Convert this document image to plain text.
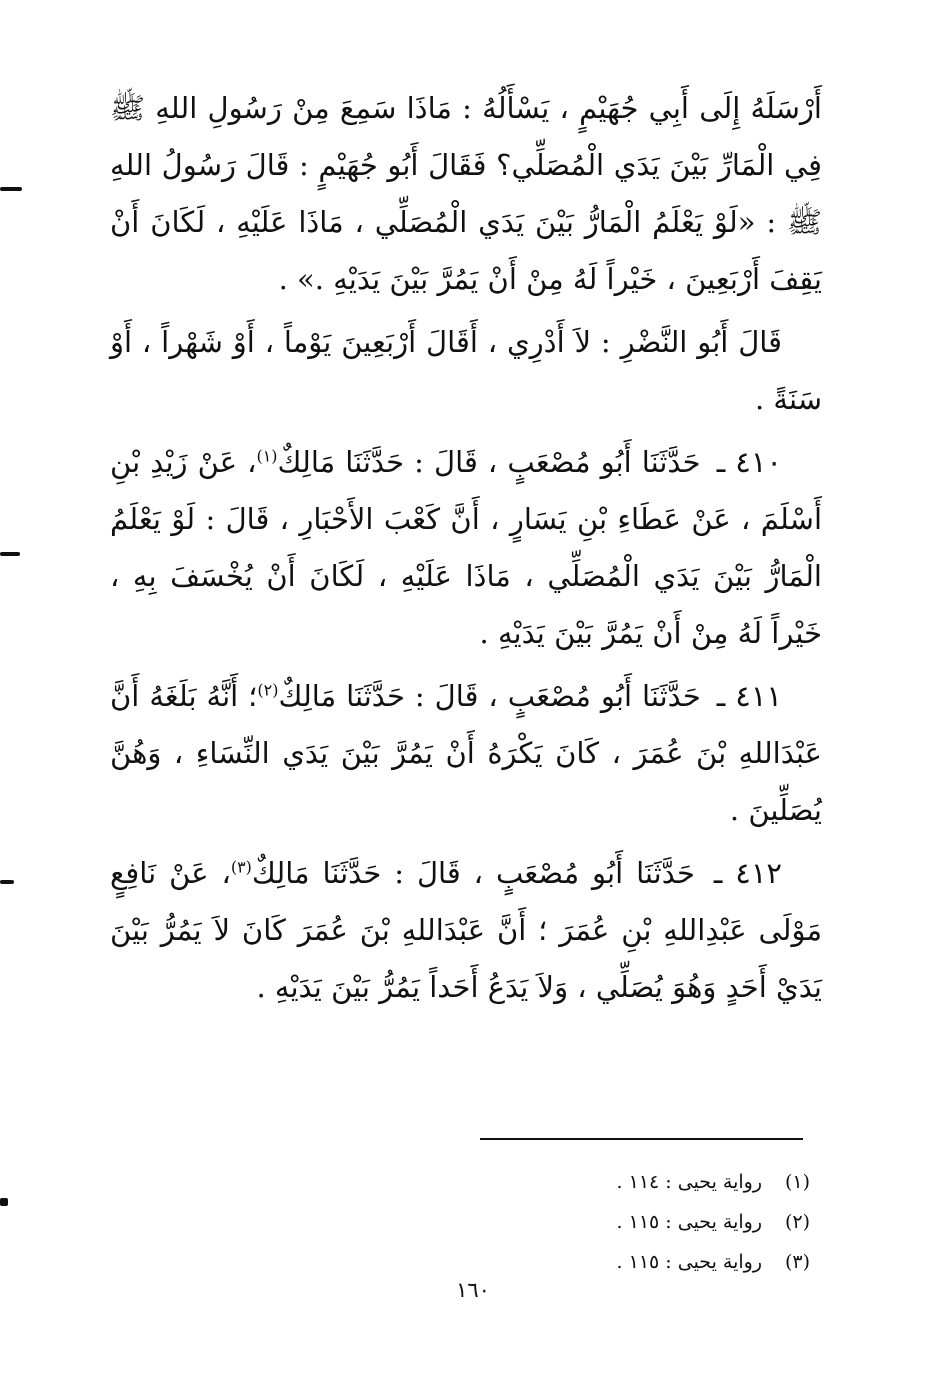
أَرْسَلَهُ إِلَى أَبِي جُهَيْمٍ ، يَسْأَلُهُ : مَاذَا سَمِعَ مِنْ رَسُولِ اللهِ ﷺ فِي الْمَارِّ بَيْنَ يَدَي الْمُصَلِّي؟ فَقَالَ أَبُو جُهَيْمٍ : قَالَ رَسُولُ اللهِ ﷺ : «لَوْ يَعْلَمُ الْمَارُّ بَيْنَ يَدَي الْمُصَلِّي ، مَاذَا عَلَيْهِ ، لَكَانَ أَنْ يَقِفَ أَرْبَعِينَ ، خَيْراً لَهُ مِنْ أَنْ يَمُرَّ بَيْنَ يَدَيْهِ .» .

قَالَ أَبُو النَّضْرِ : لاَ أَدْرِي ، أَقَالَ أَرْبَعِينَ يَوْماً ، أَوْ شَهْراً ، أَوْ سَنَةً .

٤١٠ ـ حَدَّثَنَا أَبُو مُصْعَبٍ ، قَالَ : حَدَّثَنَا مَالِكٌ$^{(١)}$، عَنْ زَيْدِ بْنِ أَسْلَمَ ، عَنْ عَطَاءِ بْنِ يَسَارٍ ، أَنَّ كَعْبَ الأَحْبَارِ ، قَالَ : لَوْ يَعْلَمُ الْمَارُّ بَيْنَ يَدَي الْمُصَلِّي ، مَاذَا عَلَيْهِ ، لَكَانَ أَنْ يُخْسَفَ بِهِ ، خَيْراً لَهُ مِنْ أَنْ يَمُرَّ بَيْنَ يَدَيْهِ .

٤١١ ـ حَدَّثَنَا أَبُو مُصْعَبٍ ، قَالَ : حَدَّثَنَا مَالِكٌ$^{(٢)}$؛ أَنَّهُ بَلَغَهُ أَنَّ عَبْدَاللهِ بْنَ عُمَرَ ، كَانَ يَكْرَهُ أَنْ يَمُرَّ بَيْنَ يَدَي النِّسَاءِ ، وَهُنَّ يُصَلِّينَ .

٤١٢ ـ حَدَّثَنَا أَبُو مُصْعَبٍ ، قَالَ : حَدَّثَنَا مَالِكٌ$^{(٣)}$، عَنْ نَافِعٍ مَوْلَى عَبْدِاللهِ بْنِ عُمَرَ ؛ أَنَّ عَبْدَاللهِ بْنَ عُمَرَ كَانَ لاَ يَمُرُّ بَيْنَ يَدَيْ أَحَدٍ وَهُوَ يُصَلِّي ، وَلاَ يَدَعُ أَحَداً يَمُرُّ بَيْنَ يَدَيْهِ .

(١)
رواية يحيى : ١١٤ .
(٢)
رواية يحيى : ١١٥ .
(٣)
رواية يحيى : ١١٥ .
١٦٠
